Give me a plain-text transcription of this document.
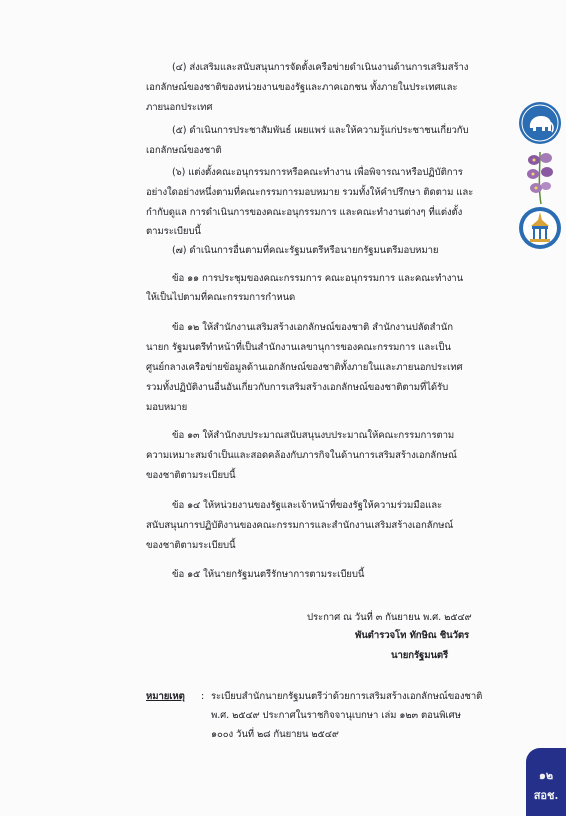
(๔) ส่งเสริมและสนับสนุนการจัดตั้งเครือข่ายดำเนินงานด้านการเสริมสร้าง
เอกลักษณ์ของชาติของหน่วยงานของรัฐและภาคเอกชน ทั้งภายในประเทศและ
ภายนอกประเทศ
(๕) ดำเนินการประชาสัมพันธ์ เผยแพร่ และให้ความรู้แก่ประชาชนเกี่ยวกับ
เอกลักษณ์ของชาติ
(๖) แต่งตั้งคณะอนุกรรมการหรือคณะทำงาน เพื่อพิจารณาหรือปฏิบัติการ
อย่างใดอย่างหนึ่งตามที่คณะกรรมการมอบหมาย รวมทั้งให้คำปรึกษา ติดตาม และ
กำกับดูแล การดำเนินการของคณะอนุกรรมการ และคณะทำงานต่างๆ ที่แต่งตั้ง
ตามระเบียบนี้
(๗) ดำเนินการอื่นตามที่คณะรัฐมนตรีหรือนายกรัฐมนตรีมอบหมาย
ข้อ ๑๑ การประชุมของคณะกรรมการ คณะอนุกรรมการ และคณะทำงาน
ให้เป็นไปตามที่คณะกรรมการกำหนด
ข้อ ๑๒ ให้สำนักงานเสริมสร้างเอกลักษณ์ของชาติ สำนักงานปลัดสำนัก
นายก รัฐมนตรีทำหน้าที่เป็นสำนักงานเลขานุการของคณะกรรมการ และเป็น
ศูนย์กลางเครือข่ายข้อมูลด้านเอกลักษณ์ของชาติทั้งภายในและภายนอกประเทศ
รวมทั้งปฏิบัติงานอื่นอันเกี่ยวกับการเสริมสร้างเอกลักษณ์ของชาติตามที่ได้รับ
มอบหมาย
ข้อ ๑๓ ให้สำนักงบประมาณสนับสนุนงบประมาณให้คณะกรรมการตาม
ความเหมาะสมจำเป็นและสอดคล้องกับภารกิจในด้านการเสริมสร้างเอกลักษณ์
ของชาติตามระเบียบนี้
ข้อ ๑๔ ให้หน่วยงานของรัฐและเจ้าหน้าที่ของรัฐให้ความร่วมมือและ
สนับสนุนการปฏิบัติงานของคณะกรรมการและสำนักงานเสริมสร้างเอกลักษณ์
ของชาติตามระเบียบนี้
ข้อ ๑๕ ให้นายกรัฐมนตรีรักษาการตามระเบียบนี้
ประกาศ ณ วันที่ ๓ กันยายน พ.ศ. ๒๕๔๙
พันตำรวจโท ทักษิณ ชินวัตร
นายกรัฐมนตรี
หมายเหตุ : ระเบียบสำนักนายกรัฐมนตรีว่าด้วยการเสริมสร้างเอกลักษณ์ของชาติ
พ.ศ. ๒๕๔๙ ประกาศในราชกิจจานุเบกษา เล่ม ๑๒๓ ตอนพิเศษ
๑๐๐ง วันที่ ๒๘ กันยายน ๒๕๔๙
๑๒
สอช.
